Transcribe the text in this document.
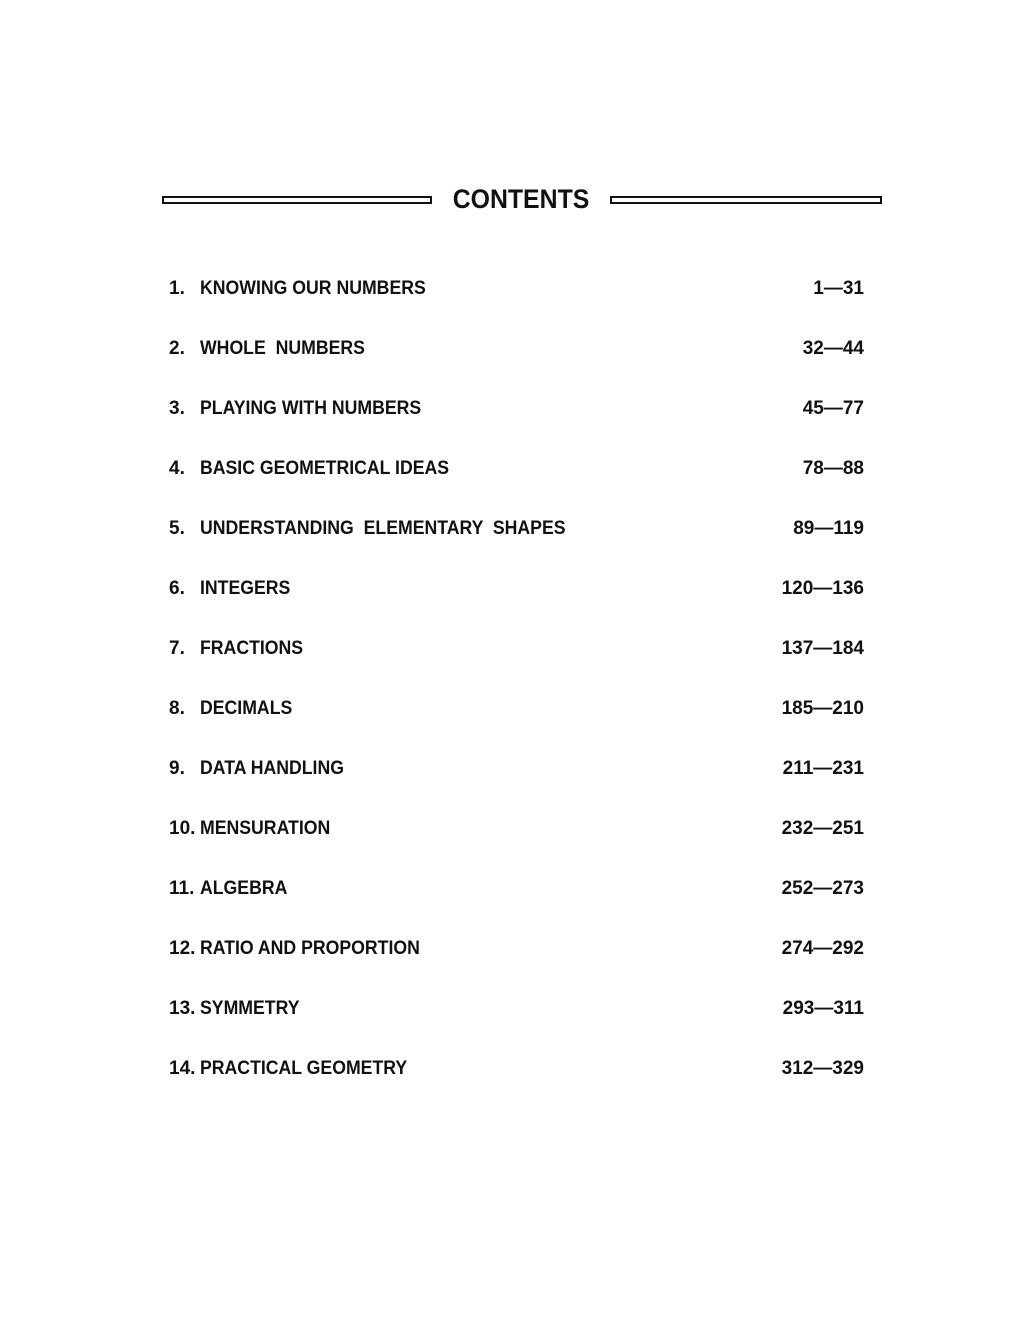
CONTENTS
1. KNOWING OUR NUMBERS	1—31
2. WHOLE  NUMBERS	32—44
3. PLAYING WITH NUMBERS	45—77
4. BASIC GEOMETRICAL IDEAS	78—88
5. UNDERSTANDING  ELEMENTARY  SHAPES	89—119
6. INTEGERS	120—136
7. FRACTIONS	137—184
8. DECIMALS	185—210
9. DATA HANDLING	211—231
10. MENSURATION	232—251
11. ALGEBRA	252—273
12. RATIO AND PROPORTION	274—292
13. SYMMETRY	293—311
14. PRACTICAL GEOMETRY	312—329
